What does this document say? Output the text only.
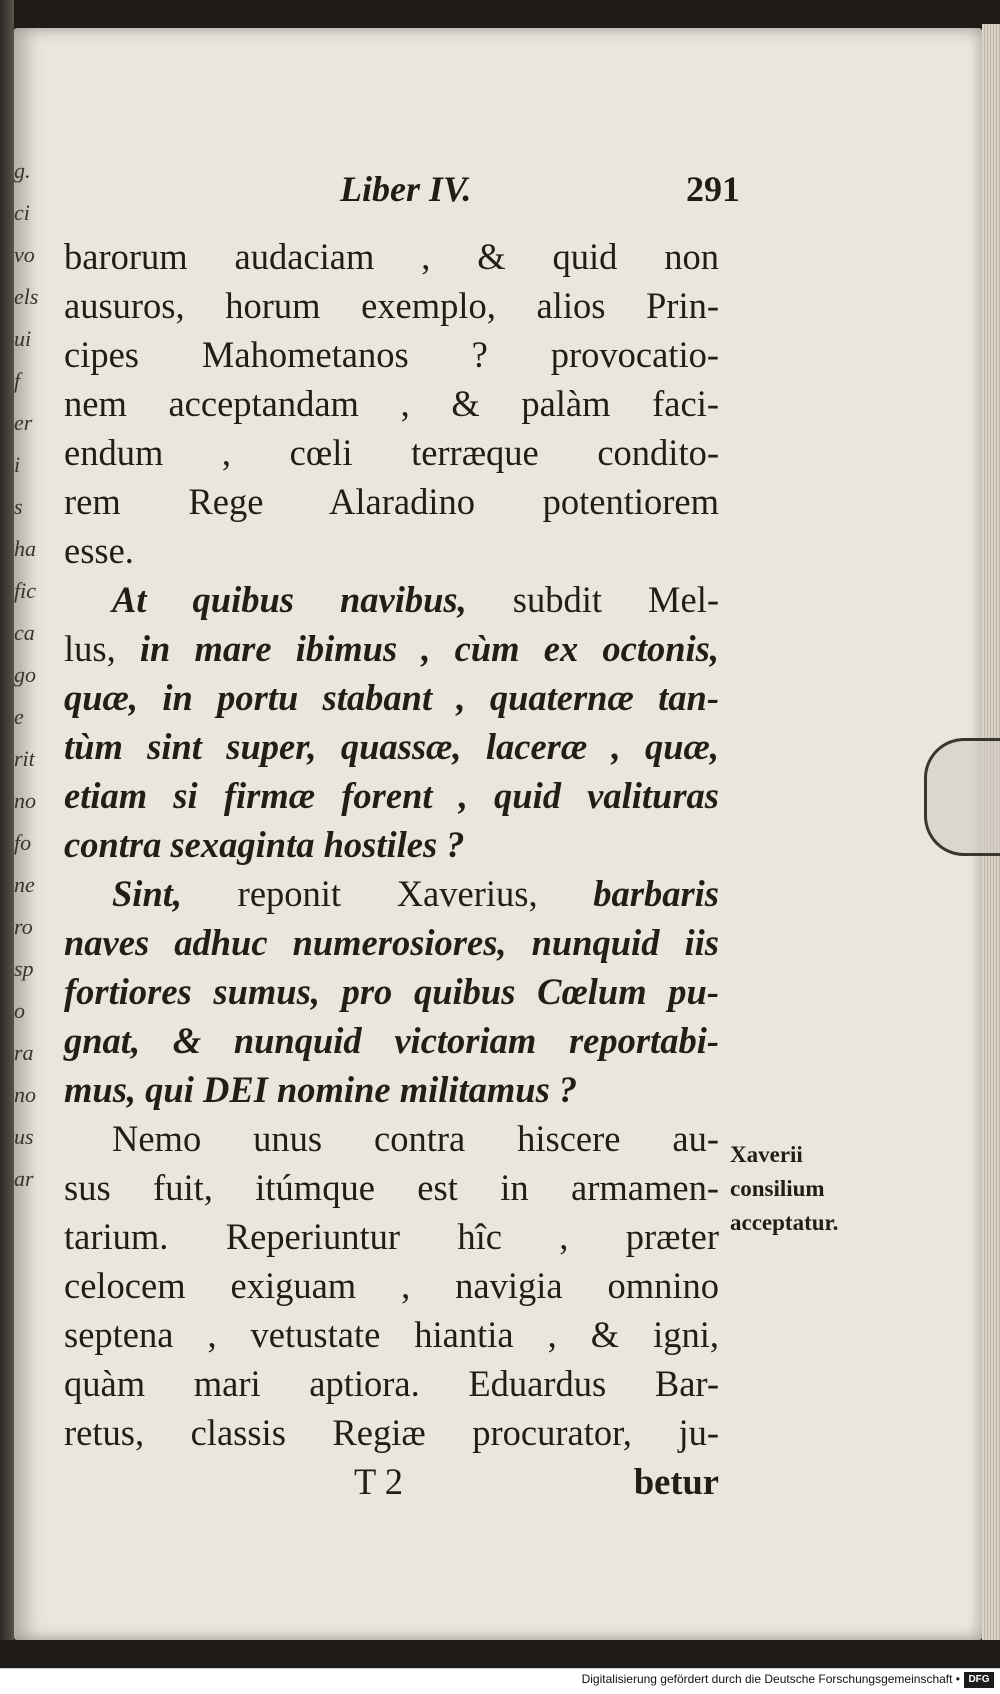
g.
ci
vo
els
ui
f
er
i
s
ha
fic
ca
go
e
rit
no
fo
ne
ro
sp
o
ra
no
us
ar
Liber IV.	291
barorum audaciam , & quid non
ausuros, horum exemplo, alios Prin-
cipes Mahometanos ? provocatio-
nem acceptandam , & palàm faci-
endum , cœli terræque condito-
rem Rege Alaradino potentiorem
esse.
At quibus navibus, subdit Mel-
lus, in mare ibimus , cùm ex octonis,
quæ, in portu stabant , quaternæ tan-
tùm sint super, quassæ, laceræ , quæ,
etiam si firmæ forent , quid valituras
contra sexaginta hostiles ?
Sint, reponit Xaverius, barbaris
naves adhuc numerosiores, nunquid iis
fortiores sumus, pro quibus Cœlum pu-
gnat, & nunquid victoriam reportabi-
mus, qui DEI nomine militamus ?
Nemo unus contra hiscere au-
sus fuit, itúmque est in armamen-
tarium. Reperiuntur hîc , præter
celocem exiguam , navigia omnino
septena , vetustate hiantia , & igni,
quàm mari aptiora. Eduardus Bar-
retus, classis Regiæ procurator, ju-
T 2	betur
Xaverii
consilium
acceptatur.
Digitalisierung gefördert durch die Deutsche Forschungsgemeinschaft • DFG
